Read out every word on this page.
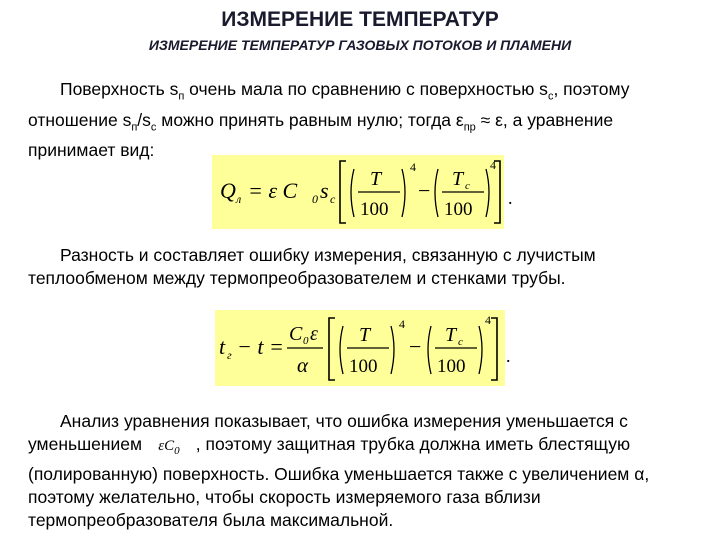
ИЗМЕРЕНИЕ ТЕМПЕРАТУР
ИЗМЕРЕНИЕ ТЕМПЕРАТУР ГАЗОВЫХ ПОТОКОВ И ПЛАМЕНИ
Поверхность $s_п$ очень мала по сравнению с поверхностью $s_с$, поэтому отношение $s_п/s_с$ можно принять равным нулю; тогда $\varepsilon_{пр} \approx \varepsilon$, а уравнение принимает вид:
Q л = ε C 0 s c
T
100
4
− T c
100
4
.
Разность и составляет ошибку измерения, связанную с лучистым теплообменом между термопреобразователем и стенками трубы.
t г − t = C 0 ε
α
T
100
4
− T c
100
4
.
Анализ уравнения показывает, что ошибка измерения уменьшается с уменьшением $\varepsilon C_0$ , поэтому защитная трубка должна иметь блестящую (полированную) поверхность. Ошибка уменьшается также с увеличением α, поэтому желательно, чтобы скорость измеряемого газа вблизи термопреобразователя была максимальной.
